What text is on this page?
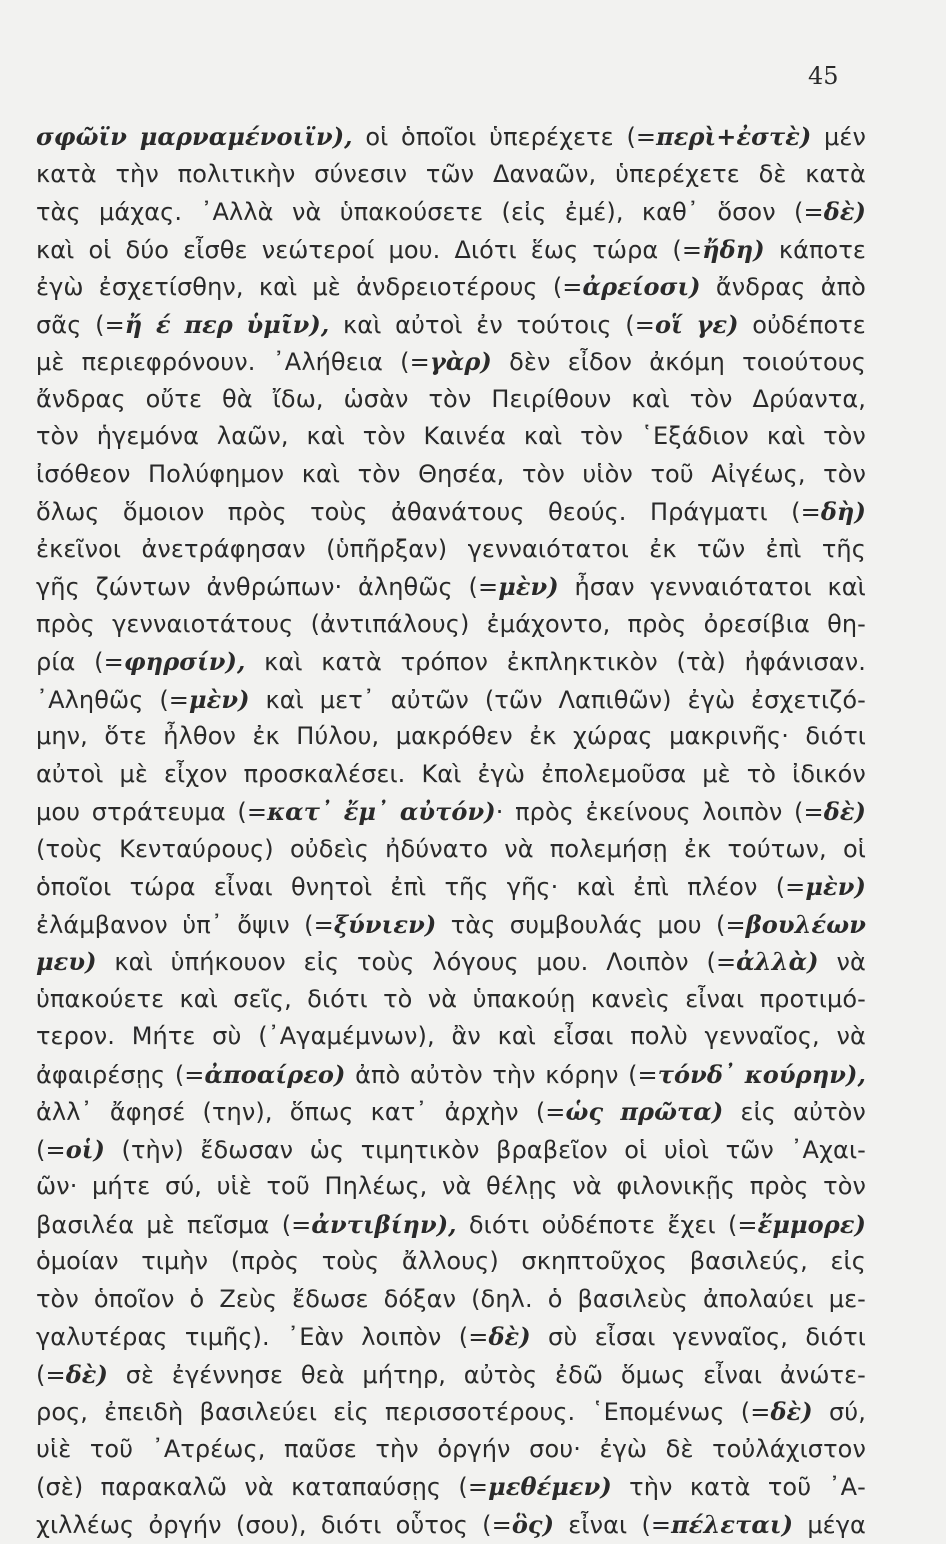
45
σφῶϊν μαρναμένοιϊν), οἱ ὁποῖοι ὑπερέχετε (=περὶ+ἐστὲ) μέν
κατὰ τὴν πολιτικὴν σύνεσιν τῶν Δαναῶν, ὑπερέχετε δὲ κατὰ
τὰς μάχας. ᾿Αλλὰ νὰ ὑπακούσετε (εἰς ἐμέ), καθ᾽ ὅσον (=δὲ)
καὶ οἱ δύο εἶσθε νεώτεροί μου. Διότι ἕως τώρα (=ἤδη) κάποτε
ἐγὼ ἐσχετίσθην, καὶ μὲ ἀνδρειοτέρους (=ἀρείοσι) ἄνδρας ἀπὸ
σᾶς (=ἤ έ περ ὑμῖν), καὶ αὐτοὶ ἐν τούτοις (=οἵ γε) οὐδέποτε
μὲ περιεφρόνουν. ᾿Αλήθεια (=γὰρ) δὲν εἶδον ἀκόμη τοιούτους
ἄνδρας οὔτε θὰ ἴδω, ὡσὰν τὸν Πειρίθουν καὶ τὸν Δρύαντα,
τὸν ἡγεμόνα λαῶν, καὶ τὸν Καινέα καὶ τὸν ῾Εξάδιον καὶ τὸν
ἰσόθεον Πολύφημον καὶ τὸν Θησέα, τὸν υἱὸν τοῦ Αἰγέως, τὸν
ὅλως ὅμοιον πρὸς τοὺς ἀθανάτους θεούς. Πράγματι (=δὴ)
ἐκεῖνοι ἀνετράφησαν (ὑπῆρξαν) γενναιότατοι ἐκ τῶν ἐπὶ τῆς
γῆς ζώντων ἀνθρώπων· ἀληθῶς (=μὲν) ἦσαν γενναιότατοι καὶ
πρὸς γενναιοτάτους (ἀντιπάλους) ἐμάχοντο, πρὸς ὀρεσίβια θη-
ρία (=φηρσίν), καὶ κατὰ τρόπον ἐκπληκτικὸν (τὰ) ἠφάνισαν.
᾿Αληθῶς (=μὲν) καὶ μετ᾽ αὐτῶν (τῶν Λαπιθῶν) ἐγὼ ἐσχετιζό-
μην, ὅτε ἦλθον ἐκ Πύλου, μακρόθεν ἐκ χώρας μακρινῆς· διότι
αὐτοὶ μὲ εἶχον προσκαλέσει. Καὶ ἐγὼ ἐπολεμοῦσα μὲ τὸ ἰδικόν
μου στράτευμα (=κατ᾽ ἔμ᾽ αὐτόν)· πρὸς ἐκείνους λοιπὸν (=δὲ)
(τοὺς Κενταύρους) οὐδεὶς ἠδύνατο νὰ πολεμήσῃ ἐκ τούτων, οἱ
ὁποῖοι τώρα εἶναι θνητοὶ ἐπὶ τῆς γῆς· καὶ ἐπὶ πλέον (=μὲν)
ἐλάμβανον ὑπ᾽ ὄψιν (=ξύνιεν) τὰς συμβουλάς μου (=βουλέων
μευ) καὶ ὑπήκουον εἰς τοὺς λόγους μου. Λοιπὸν (=ἀλλὰ) νὰ
ὑπακούετε καὶ σεῖς, διότι τὸ νὰ ὑπακούῃ κανεὶς εἶναι προτιμό-
τερον. Μήτε σὺ (᾿Αγαμέμνων), ἂν καὶ εἶσαι πολὺ γενναῖος, νὰ
ἀφαιρέσῃς (=ἀποαίρεο) ἀπὸ αὐτὸν τὴν κόρην (=τόνδ᾽ κούρην),
ἀλλ᾽ ἄφησέ (την), ὅπως κατ᾽ ἀρχὴν (=ὡς πρῶτα) εἰς αὐτὸν
(=οἱ) (τὴν) ἔδωσαν ὡς τιμητικὸν βραβεῖον οἱ υἱοὶ τῶν ᾿Αχαι-
ῶν· μήτε σύ, υἱὲ τοῦ Πηλέως, νὰ θέλῃς νὰ φιλονικῇς πρὸς τὸν
βασιλέα μὲ πεῖσμα (=ἀντιβίην), διότι οὐδέποτε ἔχει (=ἔμμορε)
ὁμοίαν τιμὴν (πρὸς τοὺς ἄλλους) σκηπτοῦχος βασιλεύς, εἰς
τὸν ὁποῖον ὁ Ζεὺς ἔδωσε δόξαν (δηλ. ὁ βασιλεὺς ἀπολαύει με-
γαλυτέρας τιμῆς). ᾿Εὰν λοιπὸν (=δὲ) σὺ εἶσαι γενναῖος, διότι
(=δὲ) σὲ ἐγέννησε θεὰ μήτηρ, αὐτὸς ἐδῶ ὅμως εἶναι ἀνώτε-
ρος, ἐπειδὴ βασιλεύει εἰς περισσοτέρους. ῾Επομένως (=δὲ) σύ,
υἱὲ τοῦ ᾿Ατρέως, παῦσε τὴν ὀργήν σου· ἐγὼ δὲ τοὐλάχιστον
(σὲ) παρακαλῶ νὰ καταπαύσῃς (=μεθέμεν) τὴν κατὰ τοῦ ᾿Α-
χιλλέως ὀργήν (σου), διότι οὗτος (=ὃς) εἶναι (=πέλεται) μέγα
